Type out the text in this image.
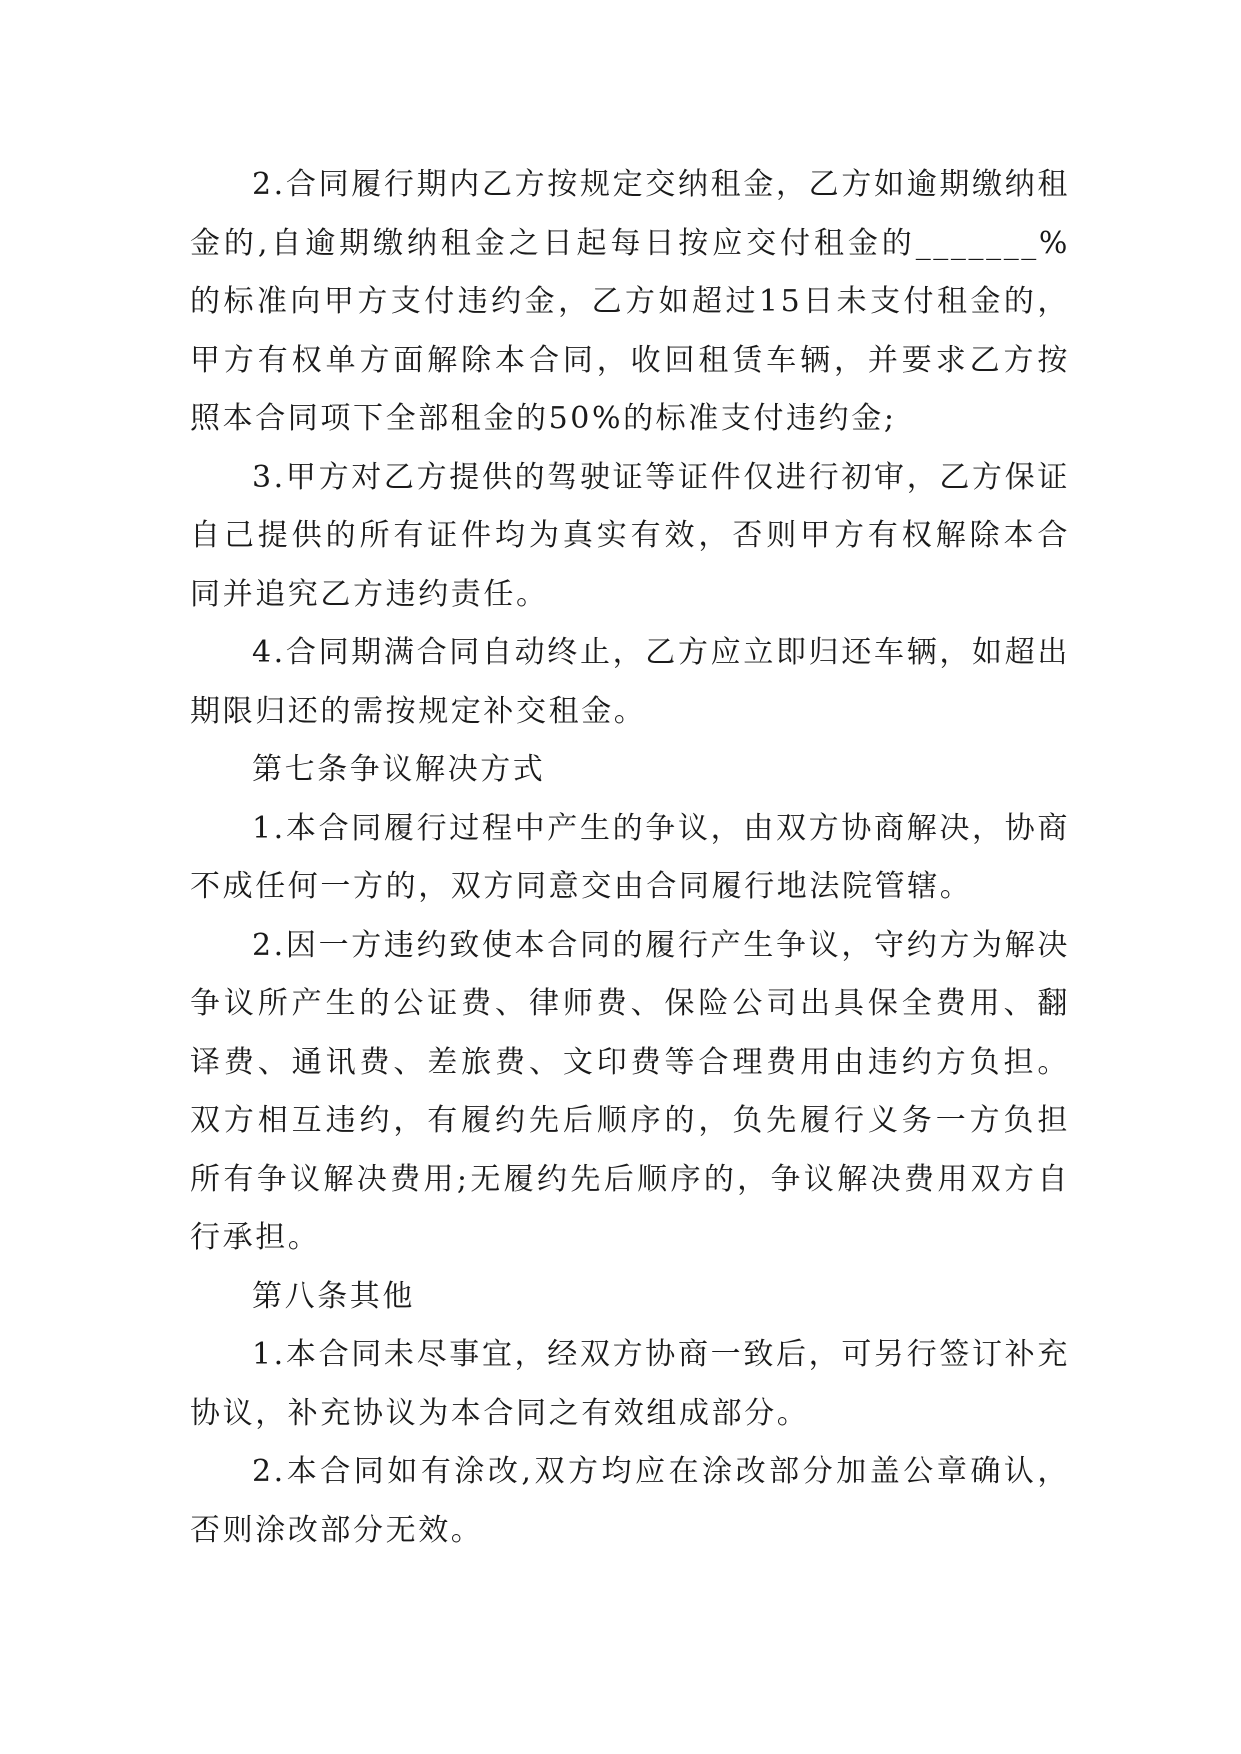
2.合同履行期内乙方按规定交纳租金，乙方如逾期缴纳租金的,自逾期缴纳租金之日起每日按应交付租金的_______%的标准向甲方支付违约金，乙方如超过15日未支付租金的，甲方有权单方面解除本合同，收回租赁车辆，并要求乙方按照本合同项下全部租金的50%的标准支付违约金;

3.甲方对乙方提供的驾驶证等证件仅进行初审，乙方保证自己提供的所有证件均为真实有效，否则甲方有权解除本合同并追究乙方违约责任。

4.合同期满合同自动终止，乙方应立即归还车辆，如超出期限归还的需按规定补交租金。

第七条争议解决方式

1.本合同履行过程中产生的争议，由双方协商解决，协商不成任何一方的，双方同意交由合同履行地法院管辖。

2.因一方违约致使本合同的履行产生争议，守约方为解决争议所产生的公证费、律师费、保险公司出具保全费用、翻译费、通讯费、差旅费、文印费等合理费用由违约方负担。双方相互违约，有履约先后顺序的，负先履行义务一方负担所有争议解决费用;无履约先后顺序的，争议解决费用双方自行承担。

第八条其他

1.本合同未尽事宜，经双方协商一致后，可另行签订补充协议，补充协议为本合同之有效组成部分。

2.本合同如有涂改,双方均应在涂改部分加盖公章确认，否则涂改部分无效。
